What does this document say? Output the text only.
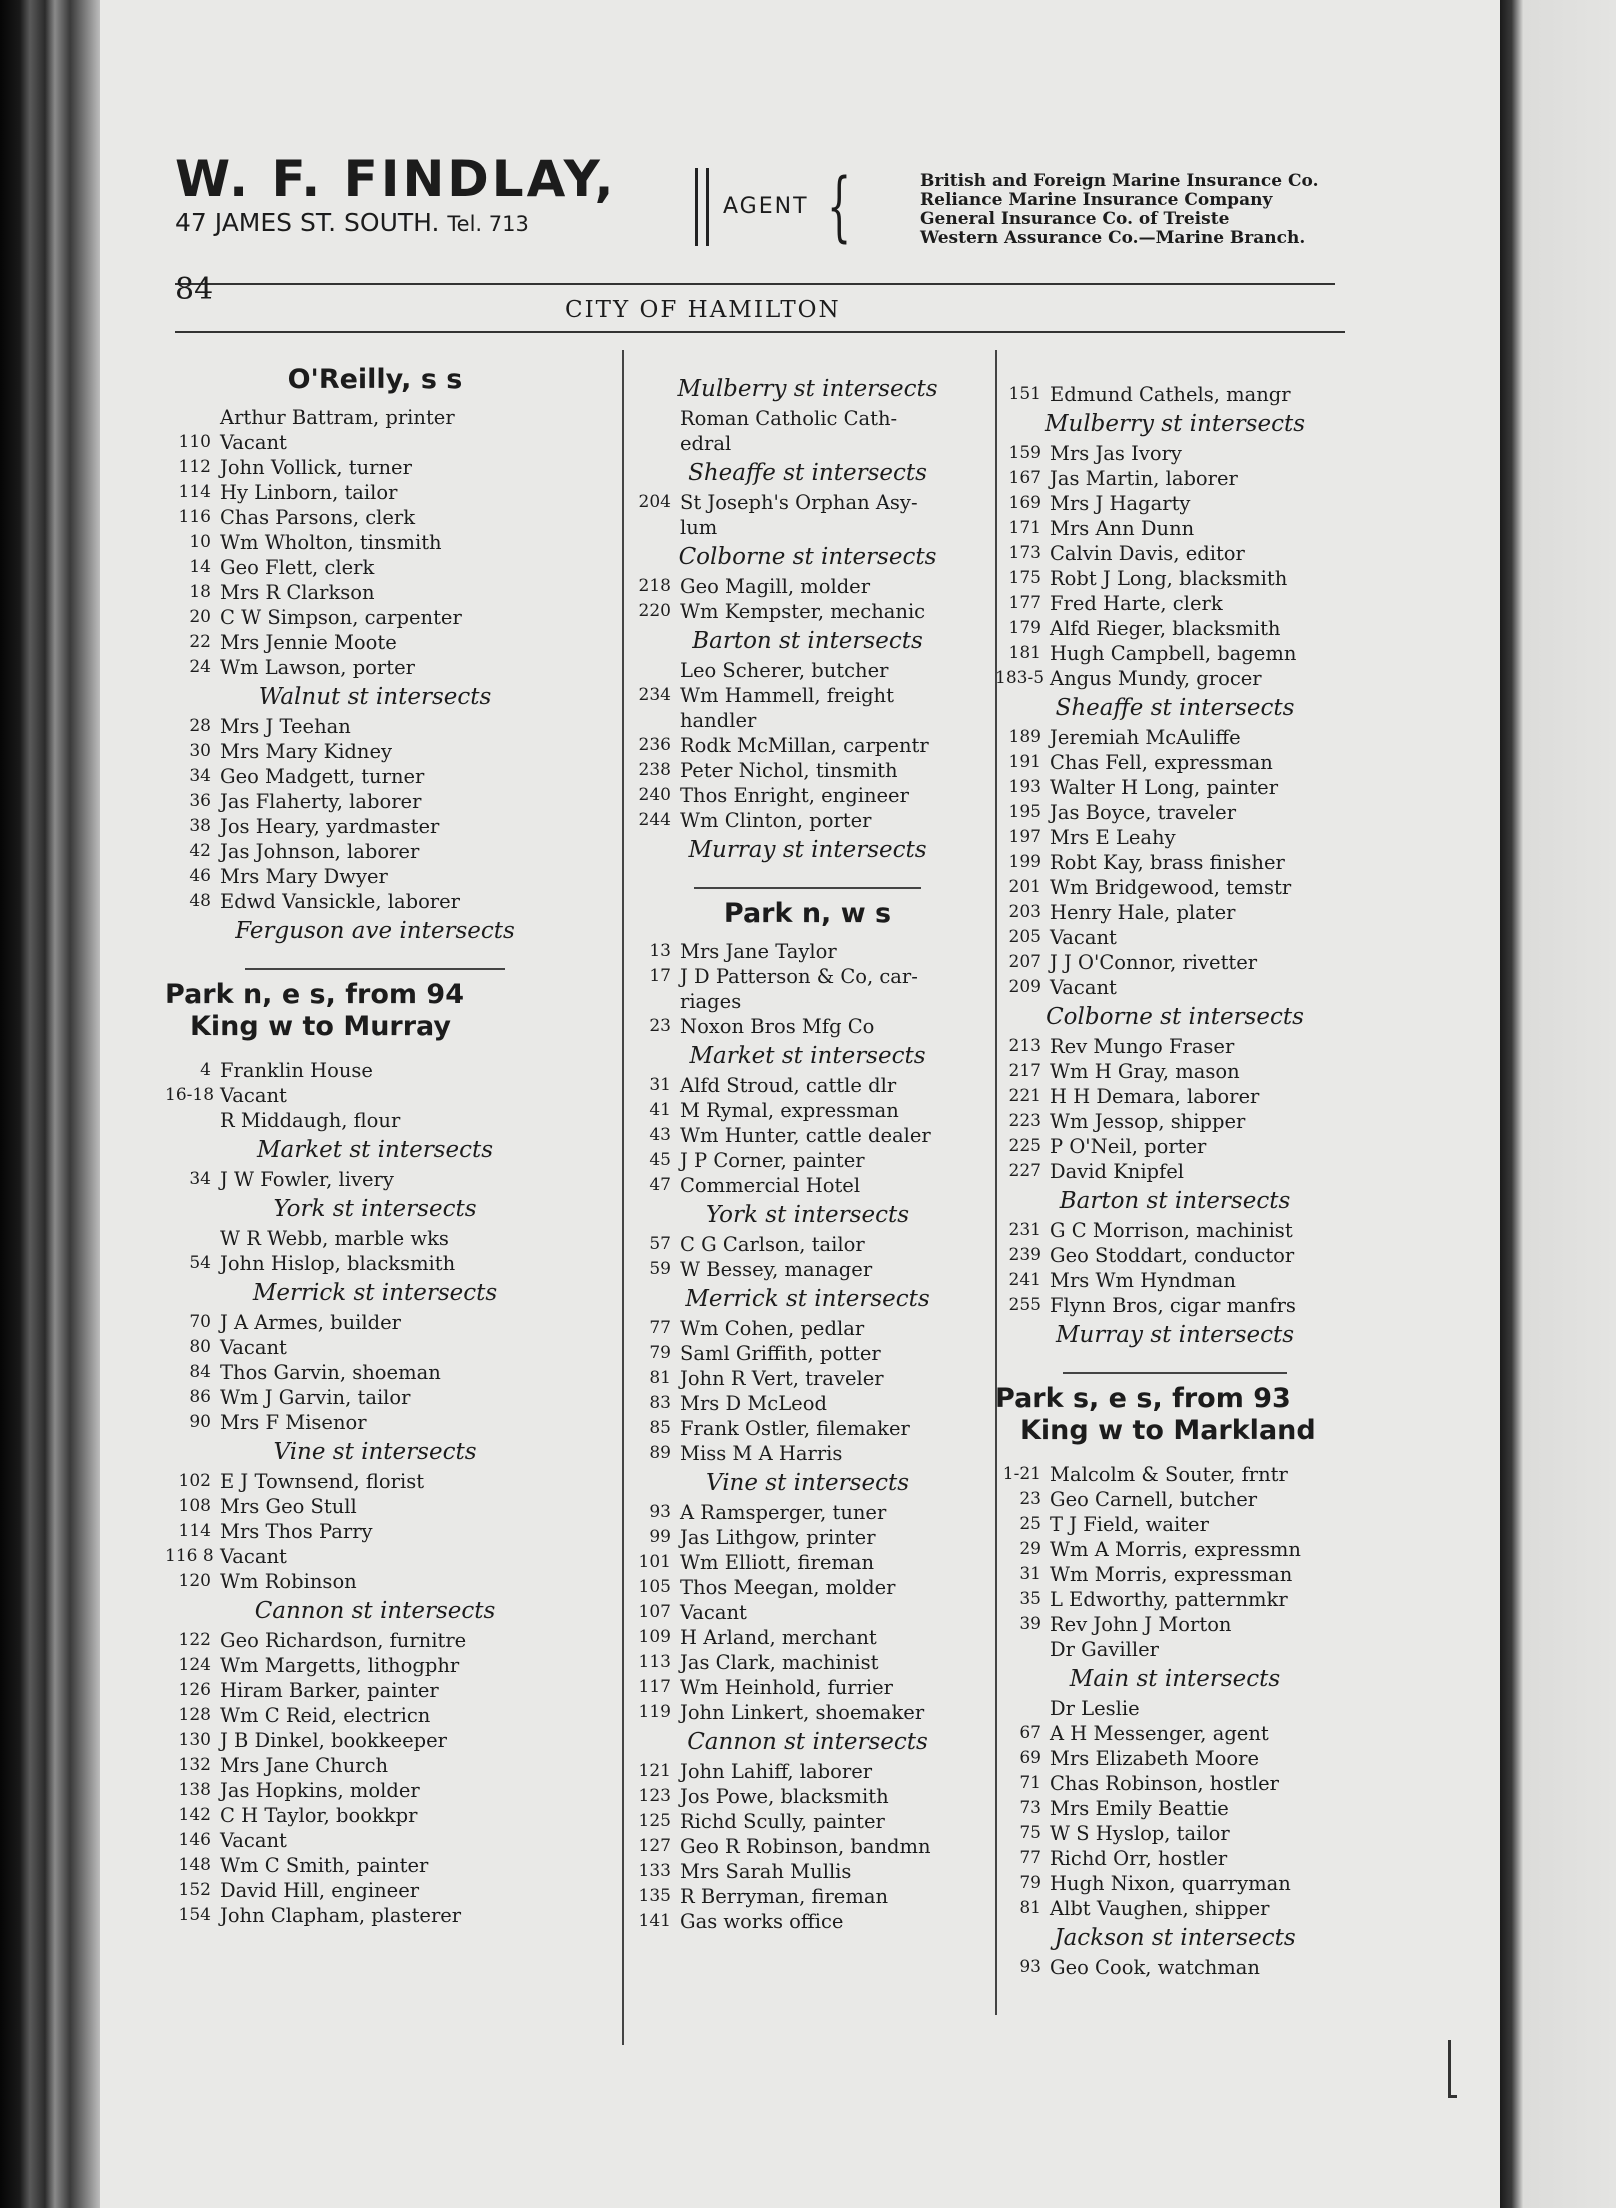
W. F. FINDLAY,
47 JAMES ST. SOUTH. Tel. 713
AGENT {	British and Foreign Marine Insurance Co.
Reliance Marine Insurance Company
General Insurance Co. of Treiste
Western Assurance Co.—Marine Branch.
84
CITY OF HAMILTON
O'Reilly, s s
Arthur Battram, printer
110 Vacant
112 John Vollick, turner
114 Hy Linborn, tailor
116 Chas Parsons, clerk
10 Wm Wholton, tinsmith
14 Geo Flett, clerk
18 Mrs R Clarkson
20 C W Simpson, carpenter
22 Mrs Jennie Moote
24 Wm Lawson, porter
Walnut st intersects
28 Mrs J Teehan
30 Mrs Mary Kidney
34 Geo Madgett, turner
36 Jas Flaherty, laborer
38 Jos Heary, yardmaster
42 Jas Johnson, laborer
46 Mrs Mary Dwyer
48 Edwd Vansickle, laborer
Ferguson ave intersects
Park n, e s, from 94
King w to Murray
4 Franklin House
16-18 Vacant
R Middaugh, flour
Market st intersects
34 J W Fowler, livery
York st intersects
W R Webb, marble wks
54 John Hislop, blacksmith
Merrick st intersects
70 J A Armes, builder
80 Vacant
84 Thos Garvin, shoeman
86 Wm J Garvin, tailor
90 Mrs F Misenor
Vine st intersects
102 E J Townsend, florist
108 Mrs Geo Stull
114 Mrs Thos Parry
116 8 Vacant
120 Wm Robinson
Cannon st intersects
122 Geo Richardson, furnitre
124 Wm Margetts, lithogphr
126 Hiram Barker, painter
128 Wm C Reid, electricn
130 J B Dinkel, bookkeeper
132 Mrs Jane Church
138 Jas Hopkins, molder
142 C H Taylor, bookkpr
146 Vacant
148 Wm C Smith, painter
152 David Hill, engineer
154 John Clapham, plasterer
Mulberry st intersects
Roman Catholic Cath-
edral
Sheaffe st intersects
204 St Joseph's Orphan Asy-
lum
Colborne st intersects
218 Geo Magill, molder
220 Wm Kempster, mechanic
Barton st intersects
Leo Scherer, butcher
234 Wm Hammell, freight
handler
236 Rodk McMillan, carpentr
238 Peter Nichol, tinsmith
240 Thos Enright, engineer
244 Wm Clinton, porter
Murray st intersects
Park n, w s
13 Mrs Jane Taylor
17 J D Patterson & Co, car-
riages
23 Noxon Bros Mfg Co
Market st intersects
31 Alfd Stroud, cattle dlr
41 M Rymal, expressman
43 Wm Hunter, cattle dealer
45 J P Corner, painter
47 Commercial Hotel
York st intersects
57 C G Carlson, tailor
59 W Bessey, manager
Merrick st intersects
77 Wm Cohen, pedlar
79 Saml Griffith, potter
81 John R Vert, traveler
83 Mrs D McLeod
85 Frank Ostler, filemaker
89 Miss M A Harris
Vine st intersects
93 A Ramsperger, tuner
99 Jas Lithgow, printer
101 Wm Elliott, fireman
105 Thos Meegan, molder
107 Vacant
109 H Arland, merchant
113 Jas Clark, machinist
117 Wm Heinhold, furrier
119 John Linkert, shoemaker
Cannon st intersects
121 John Lahiff, laborer
123 Jos Powe, blacksmith
125 Richd Scully, painter
127 Geo R Robinson, bandmn
133 Mrs Sarah Mullis
135 R Berryman, fireman
141 Gas works office
151 Edmund Cathels, mangr
Mulberry st intersects
159 Mrs Jas Ivory
167 Jas Martin, laborer
169 Mrs J Hagarty
171 Mrs Ann Dunn
173 Calvin Davis, editor
175 Robt J Long, blacksmith
177 Fred Harte, clerk
179 Alfd Rieger, blacksmith
181 Hugh Campbell, bagemn
183-5 Angus Mundy, grocer
Sheaffe st intersects
189 Jeremiah McAuliffe
191 Chas Fell, expressman
193 Walter H Long, painter
195 Jas Boyce, traveler
197 Mrs E Leahy
199 Robt Kay, brass finisher
201 Wm Bridgewood, temstr
203 Henry Hale, plater
205 Vacant
207 J J O'Connor, rivetter
209 Vacant
Colborne st intersects
213 Rev Mungo Fraser
217 Wm H Gray, mason
221 H H Demara, laborer
223 Wm Jessop, shipper
225 P O'Neil, porter
227 David Knipfel
Barton st intersects
231 G C Morrison, machinist
239 Geo Stoddart, conductor
241 Mrs Wm Hyndman
255 Flynn Bros, cigar manfrs
Murray st intersects
Park s, e s, from 93
King w to Markland
1-21 Malcolm & Souter, frntr
23 Geo Carnell, butcher
25 T J Field, waiter
29 Wm A Morris, expressmn
31 Wm Morris, expressman
35 L Edworthy, patternmkr
39 Rev John J Morton
Dr Gaviller
Main st intersects
Dr Leslie
67 A H Messenger, agent
69 Mrs Elizabeth Moore
71 Chas Robinson, hostler
73 Mrs Emily Beattie
75 W S Hyslop, tailor
77 Richd Orr, hostler
79 Hugh Nixon, quarryman
81 Albt Vaughen, shipper
Jackson st intersects
93 Geo Cook, watchman
